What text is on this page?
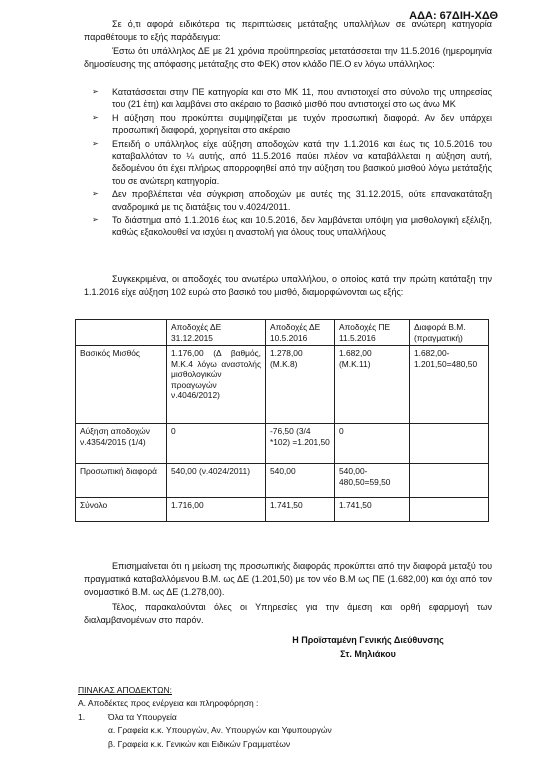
ΑΔΑ: 67ΔΙΗ-ΧΔΘ
Σε ό,τι αφορά ειδικότερα τις περιπτώσεις μετάταξης υπαλλήλων σε ανώτερη κατηγορία παραθέτουμε το εξής παράδειγμα:
Έστω ότι υπάλληλος ΔΕ με 21 χρόνια προϋπηρεσίας μετατάσσεται την 11.5.2016 (ημερομηνία δημοσίευσης της απόφασης μετάταξης στο ΦΕΚ) στον κλάδο ΠΕ.Ο εν λόγω υπάλληλος:
➢ Κατατάσσεται στην ΠΕ κατηγορία και στο ΜΚ 11, που αντιστοιχεί στο σύνολο της υπηρεσίας του (21 έτη) και λαμβάνει στο ακέραιο το βασικό μισθό που αντιστοιχεί στο ως άνω ΜΚ
➢ Η αύξηση που προκύπτει συμψηφίζεται με τυχόν προσωπική διαφορά. Αν δεν υπάρχει προσωπική διαφορά, χορηγείται στο ακέραιο
➢ Επειδή ο υπάλληλος είχε αύξηση αποδοχών κατά την 1.1.2016 και έως τις 10.5.2016 του καταβαλλόταν το ¼ αυτής, από 11.5.2016 παύει πλέον να καταβάλλεται η αύξηση αυτή, δεδομένου ότι έχει πλήρως απορροφηθεί από την αύξηση του βασικού μισθού λόγω μετάταξής του σε ανώτερη κατηγορία.
➢ Δεν προβλέπεται νέα σύγκριση αποδοχών με αυτές της 31.12.2015, ούτε επανακατάταξη αναδρομικά με τις διατάξεις του ν.4024/2011.
➢ Το διάστημα από 1.1.2016 έως και 10.5.2016, δεν λαμβάνεται υπόψη για μισθολογική εξέλιξη, καθώς εξακολουθεί να ισχύει η αναστολή για όλους τους υπαλλήλους
Συγκεκριμένα, οι αποδοχές του ανωτέρω υπαλλήλου, ο οποίος κατά την πρώτη κατάταξη την 1.1.2016 είχε αύξηση 102 ευρώ στο βασικό του μισθό, διαμορφώνονται ως εξής:
	Αποδοχές ΔΕ 31.12.2015	Αποδοχές ΔΕ 10.5.2016	Αποδοχές ΠΕ 11.5.2016	Διαφορά Β.Μ. (πραγματική)
Βασικός Μισθός	1.176,00 (Δ βαθμός, Μ.Κ.4 λόγω αναστολής μισθολογικών προαγωγών ν.4046/2012)	1.278,00 (Μ.Κ.8)	1.682,00 (Μ.Κ.11)	1.682,00-1.201,50=480,50
Αύξηση αποδοχών ν.4354/2015 (1/4)	0	-76,50 (3/4 *102) =1.201,50	0	
Προσωπική διαφορά	540,00 (ν.4024/2011)	540,00	540,00-480,50=59,50	
Σύνολο	1.716,00	1.741,50	1.741,50	
Επισημαίνεται ότι η μείωση της προσωπικής διαφοράς προκύπτει από την διαφορά μεταξύ του πραγματικά καταβαλλόμενου Β.Μ. ως ΔΕ (1.201,50) με τον νέο Β.Μ ως ΠΕ (1.682,00) και όχι από τον ονομαστικό Β.Μ. ως ΔΕ (1.278,00).
Τέλος, παρακαλούνται όλες οι Υπηρεσίες για την άμεση και ορθή εφαρμογή των διαλαμβανομένων στο παρόν.
Η Προϊσταμένη Γενικής Διεύθυνσης
Στ. Μηλιάκου
ΠΙΝΑΚΑΣ ΑΠΟΔΕΚΤΩΝ:
Α. Αποδέκτες προς ενέργεια και πληροφόρηση :
1.	Όλα τα Υπουργεία
α. Γραφεία κ.κ. Υπουργών, Αν. Υπουργών και Υφυπουργών
β. Γραφεία κ.κ. Γενικών και Ειδικών Γραμματέων
